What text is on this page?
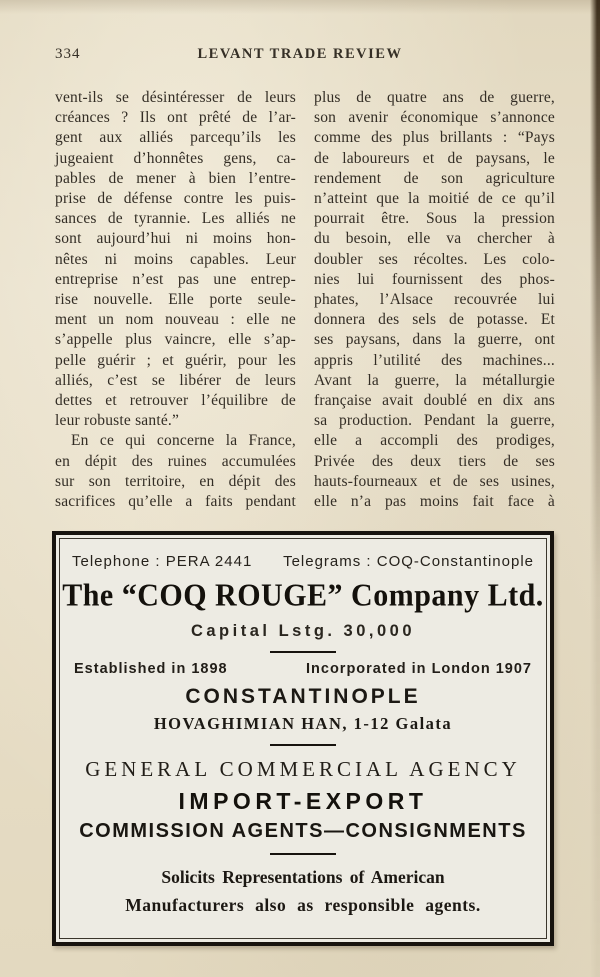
334	LEVANT TRADE REVIEW
vent-ils se désintéresser de leurs
créances ? Ils ont prêté de l’ar-
gent aux alliés parcequ’ils les
jugeaient d’honnêtes gens, ca-
pables de mener à bien l’entre-
prise de défense contre les puis-
sances de tyrannie. Les alliés ne
sont aujourd’hui ni moins hon-
nêtes ni moins capables. Leur
entreprise n’est pas une entrep-
rise nouvelle. Elle porte seule-
ment un nom nouveau : elle ne
s’appelle plus vaincre, elle s’ap-
pelle guérir ; et guérir, pour les
alliés, c’est se libérer de leurs
dettes et retrouver l’équilibre de
leur robuste santé.”
En ce qui concerne la France,
en dépit des ruines accumulées
sur son territoire, en dépit des
sacrifices qu’elle a faits pendant
plus de quatre ans de guerre,
son avenir économique s’annonce
comme des plus brillants : “Pays
de laboureurs et de paysans, le
rendement de son agriculture
n’atteint que la moitié de ce qu’il
pourrait être. Sous la pression
du besoin, elle va chercher à
doubler ses récoltes. Les colo-
nies lui fournissent des phos-
phates, l’Alsace recouvrée lui
donnera des sels de potasse. Et
ses paysans, dans la guerre, ont
appris l’utilité des machines...
Avant la guerre, la métallurgie
française avait doublé en dix ans
sa production. Pendant la guerre,
elle a accompli des prodiges,
Privée des deux tiers de ses
hauts-fourneaux et de ses usines,
elle n’a pas moins fait face à
Telephone : PERA 2441 Telegrams : COQ-Constantinople
The “COQ ROUGE” Company Ltd.
Capital Lstg. 30,000
Established in 1898	Incorporated in London 1907
CONSTANTINOPLE
HOVAGHIMIAN HAN, 1-12 Galata
GENERAL COMMERCIAL AGENCY
IMPORT-EXPORT
COMMISSION AGENTS—CONSIGNMENTS
Solicits Representations of American
Manufacturers also as responsible agents.
